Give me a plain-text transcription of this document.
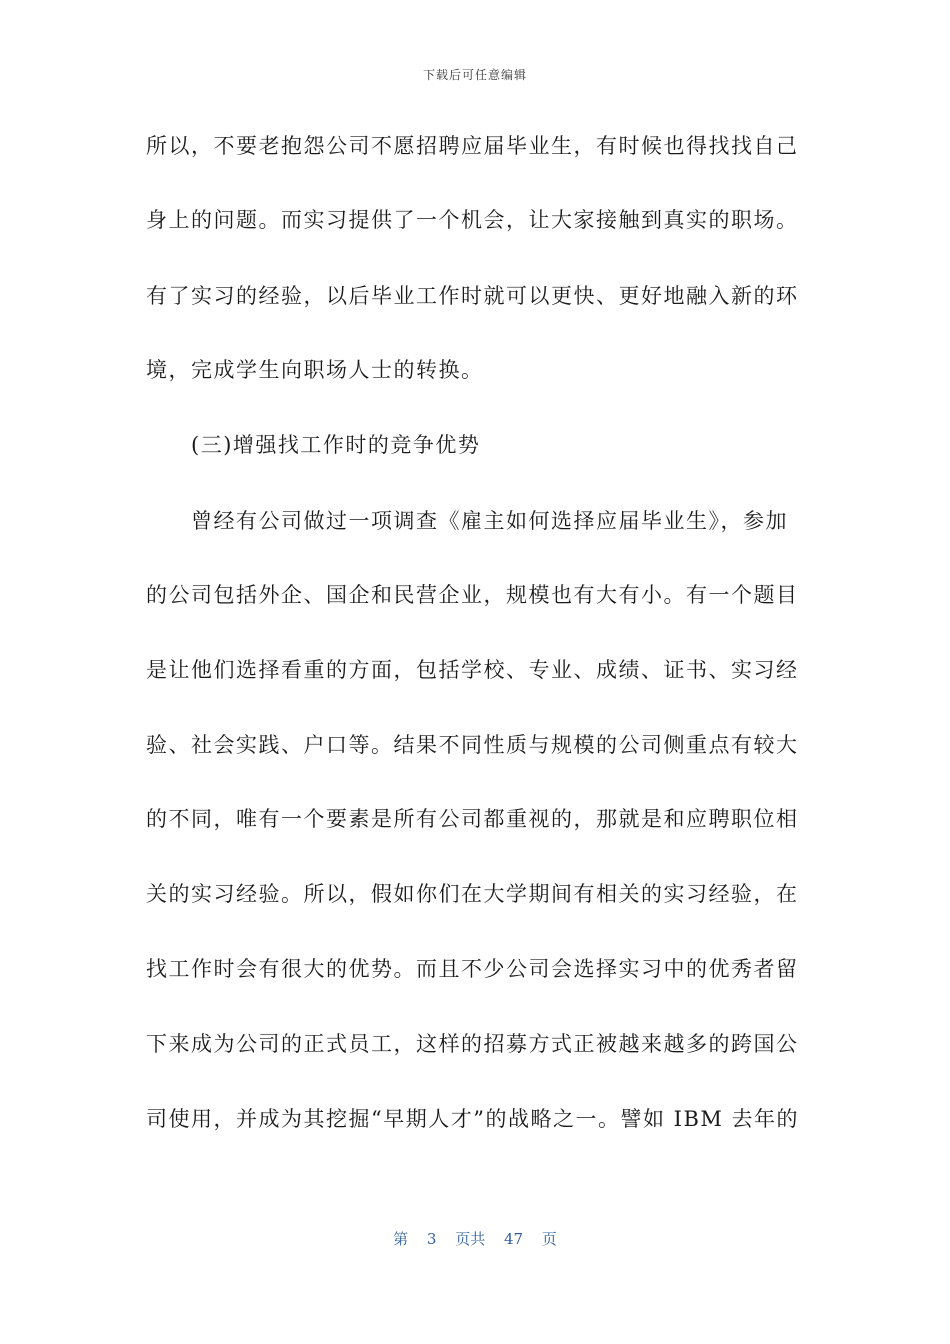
下载后可任意编辑
所以，不要老抱怨公司不愿招聘应届毕业生，有时候也得找找自己
身上的问题。而实习提供了一个机会，让大家接触到真实的职场。
有了实习的经验，以后毕业工作时就可以更快、更好地融入新的环
境，完成学生向职场人士的转换。
(三)增强找工作时的竞争优势
曾经有公司做过一项调查《雇主如何选择应届毕业生》，参加
的公司包括外企、国企和民营企业，规模也有大有小。有一个题目
是让他们选择看重的方面，包括学校、专业、成绩、证书、实习经
验、社会实践、户口等。结果不同性质与规模的公司侧重点有较大
的不同，唯有一个要素是所有公司都重视的，那就是和应聘职位相
关的实习经验。所以，假如你们在大学期间有相关的实习经验，在
找工作时会有很大的优势。而且不少公司会选择实习中的优秀者留
下来成为公司的正式员工，这样的招募方式正被越来越多的跨国公
司使用，并成为其挖掘“早期人才”的战略之一。譬如 IBM 去年的
第 3 页共 47 页
